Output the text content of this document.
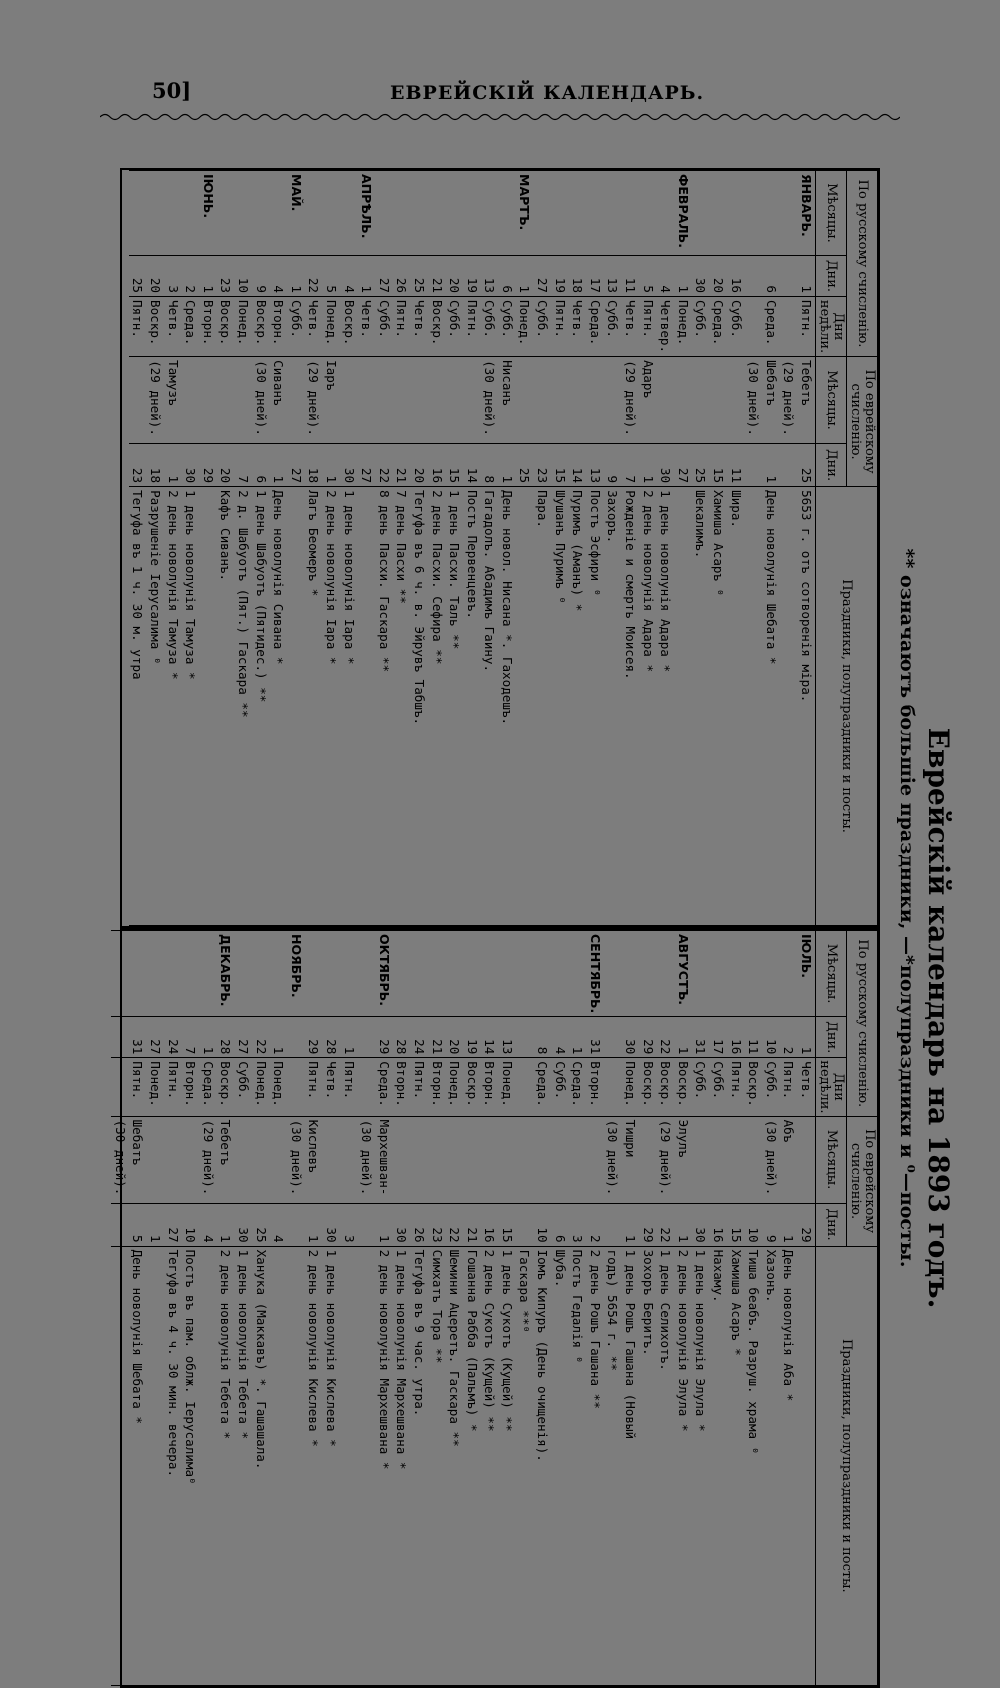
50]	ЕВРЕЙСКІЙ КАЛЕНДАРЬ.
Еврейскій календарь на 1893 годъ.
** означаютъ большіе праздники, —*полупраздники и ⁰—посты.
По русскому счисленію.			По еврейскому счисленію.		Праздники, полупраздники и посты.
Мѣсяцы.	Дни.	Дни недѣли.	Мѣсяцы.	Дни.	
ЯНВАРЬ.	1	Пятн.	Тебетъ	25	5653 г. отъ сотворенія міра.
			(29 дней).		
	6	Среда.	Шебатъ	1	День новолунія Шебата *
			(30 дней).		
	16	Субб.		11	Шира.
	20	Среда.		15	Хамиша Асаръ ⁰
	30	Субб.		25	Шекалимъ.
ФЕВРАЛЬ.	1	Понед.		27	
	4	Четвер.		30	1 день новолунія Адара *
	5	Пятн.	Адаръ	1	2 день новолунія Адара *
	11	Четв.	(29 дней).	7	Рожденіе и смерть Моисея.
	13	Субб.		9	Захоръ.
	17	Среда.		13	Постъ Эсфири ⁰
	18	Четв.		14	Пуримъ (Аманъ) *
	19	Пятн.		15	Шушанъ Пуримъ ⁰
	27	Субб.		23	Пара.
МАРТЪ.	1	Понед.		25	
	6	Субб.	Нисанъ	1	День новол. Нисана *. Гаходешъ.
	13	Субб.	(30 дней).	8	Гагадолъ. Абадимъ Гаину.
	19	Пятн.		14	Постъ Первенцевъ.
	20	Субб.		15	1 день Пасхи. Таль **
	21	Воскр.		16	2 день Пасхи. Сефира **
	25	Четв.		20	Тегуфа въ 6 ч. в. Эйрувъ Табшъ.
	26	Пятн.		21	7 день Пасхи **
	27	Субб.		22	8 день Пасхи. Гаскара **
АПРѢЛЬ.	1	Четв.		27	
	4	Воскр.		30	1 день новолунія Іара *
	5	Понед.	Іаръ	1	2 день новолунія Іара *
	22	Четв.	(29 дней).	18	Лагъ Беомеръ *
МАЙ.	1	Субб.		27	
	4	Вторн.	Сиванъ	1	День новолунія Сивана *
	9	Воскр.	(30 дней).	6	1 день Шабуотъ (Пятидес.) **
	10	Понед.		7	2 д. Шабуотъ (Пят.) Гаскара **
	23	Воскр.		20	Кафъ Сиванъ.
ІЮНЬ.	1	Вторн.		29	
	2	Среда.		30	1 день новолунія Тамуза *
	3	Четв.	Тамузъ	1	2 день новолунія Тамуза *
	20	Воскр.	(29 дней).	18	Разрушеніе Іерусалима ⁰
	25	Пятн.		23	Тегуфа въ 1 ч. 30 м. утра
По русскому счисленію.			По еврейскому счисленію.		Праздники, полупраздники и посты.
Мѣсяцы.	Дни.	Дни недѣли.	Мѣсяцы.	Дни.	
ІЮЛЬ.	1	Четв.		29	
	2	Пятн.	Абъ	1	День новолунія Аба *
	10	Субб.	(30 дней).	9	Хазонъ.
	11	Воскр.		10	Тиша беабъ. Разруш. храма ⁰
	16	Пятн.		15	Хамиша Асаръ *
	17	Субб.		16	Нахаму.
	31	Субб.		30	1 день новолунія Элула *
АВГУСТЪ.	1	Воскр.	Элулъ	1	2 день новолунія Элула *
	22	Воскр.	(29 дней).	22	1 день Селихотъ.
	29	Воскр.		29	Зохоръ Беритъ.
	30	Понед.	Тишри	1	1 день Рошъ Гашана (Новый
			(30 дней).		годъ) 5654 г. **
СЕНТЯБРЬ.	31	Вторн.		2	2 день Рошъ Гашана **
	1	Среда.		3	Постъ Гедалія ⁰
	4	Субб.		6	Шуба.
	8	Среда.		10	Іомъ Кипуръ (День очищенія).
					Гаскара **⁰
	13	Понед.		15	1 день Сукотъ (Кущей) **
	14	Вторн.		16	2 день Сукотъ (Кущей) **
	19	Воскр.		21	Гошанна Рабба (Пальмъ) *
	20	Понед.		22	Шемини Ацеретъ. Гаскара **
	21	Вторн.		23	Симхатъ Тора **
	24	Пятн.		26	Тегуфа въ 9 час. утра.
	28	Вторн.		30	1 день новолунія Мархешвана *
ОКТЯБРЬ.	29	Среда.	Мархешван-	1	2 день новолунія Мархешвана *
			(30 дней).		
	1	Пятн.		3	
	28	Четв.		30	1 день новолунія Кислева *
	29	Пятн.	Кислевъ	1	2 день новолунія Кислева *
НОЯБРЬ.			(30 дней).		
	1	Понед.		4	
	22	Понед.		25	Ханука (Маккавъ) *. Гашашала.
	27	Субб.		30	1 день новолунія Тебета *
ДЕКАБРЬ.	28	Воскр.	Тебетъ	1	2 день новолунія Тебета *
	1	Среда.	(29 дней).	4	
	7	Вторн.		10	Постъ въ пам. облж. Іерусалима⁰
	24	Пятн.		27	Тегуфа въ 4 ч. 30 мин. вечера.
	27	Понед.		1	
	31	Пятн.	Шебатъ	5	День новолунія Шебата *
			(30 дней).		
